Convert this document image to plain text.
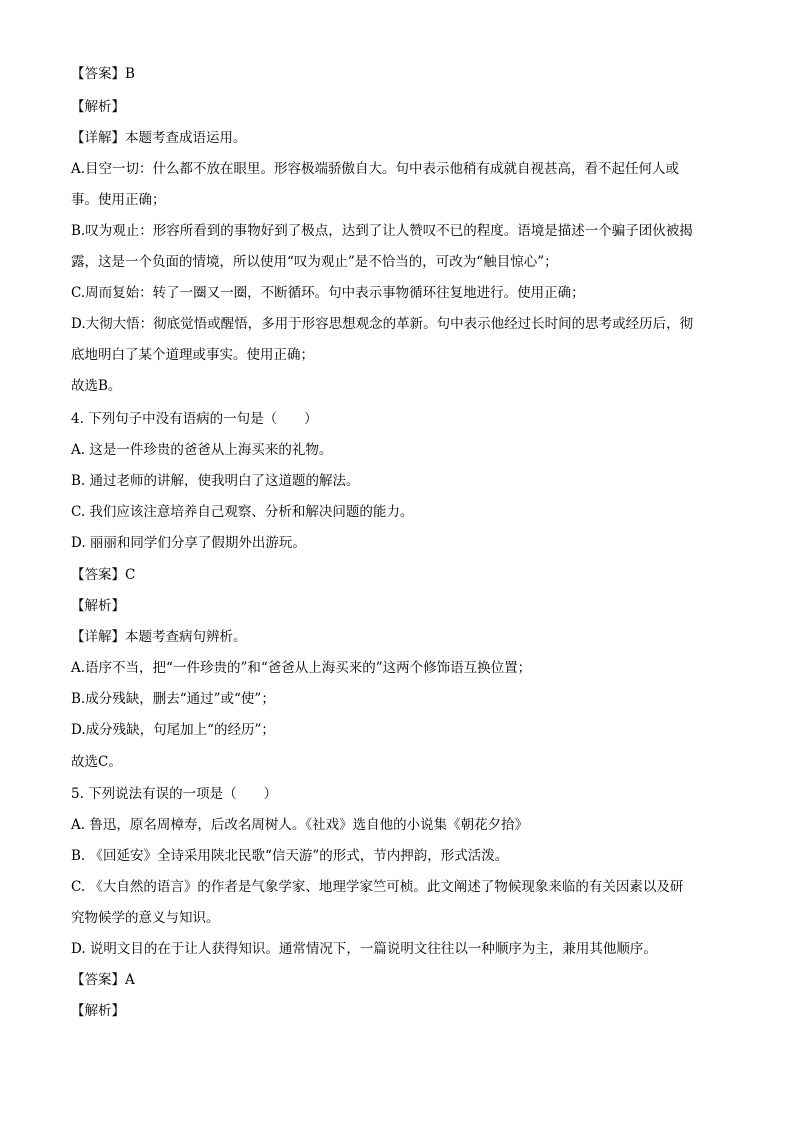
【答案】B
【解析】
【详解】本题考查成语运用。
A.目空一切：什么都不放在眼里。形容极端骄傲自大。句中表示他稍有成就自视甚高，看不起任何人或
事。使用正确；
B.叹为观止：形容所看到的事物好到了极点，达到了让人赞叹不已的程度。语境是描述一个骗子团伙被揭
露，这是一个负面的情境，所以使用“叹为观止”是不恰当的，可改为“触目惊心”；
C.周而复始：转了一圈又一圈，不断循环。句中表示事物循环往复地进行。使用正确；
D.大彻大悟：彻底觉悟或醒悟，多用于形容思想观念的革新。句中表示他经过长时间的思考或经历后，彻
底地明白了某个道理或事实。使用正确；
故选B。
4. 下列句子中没有语病的一句是（　　）
A. 这是一件珍贵的爸爸从上海买来的礼物。
B. 通过老师的讲解，使我明白了这道题的解法。
C. 我们应该注意培养自己观察、分析和解决问题的能力。
D. 丽丽和同学们分享了假期外出游玩。
【答案】C
【解析】
【详解】本题考查病句辨析。
A.语序不当，把“一件珍贵的”和“爸爸从上海买来的”这两个修饰语互换位置；
B.成分残缺，删去“通过”或“使”；
D.成分残缺，句尾加上“的经历”；
故选C。
5. 下列说法有误的一项是（　　）
A. 鲁迅，原名周樟寿，后改名周树人。《社戏》选自他的小说集《朝花夕拾》
B. 《回延安》全诗采用陕北民歌“信天游”的形式，节内押韵，形式活泼。
C. 《大自然的语言》的作者是气象学家、地理学家竺可桢。此文阐述了物候现象来临的有关因素以及研
究物候学的意义与知识。
D. 说明文目的在于让人获得知识。通常情况下，一篇说明文往往以一种顺序为主，兼用其他顺序。
【答案】A
【解析】
